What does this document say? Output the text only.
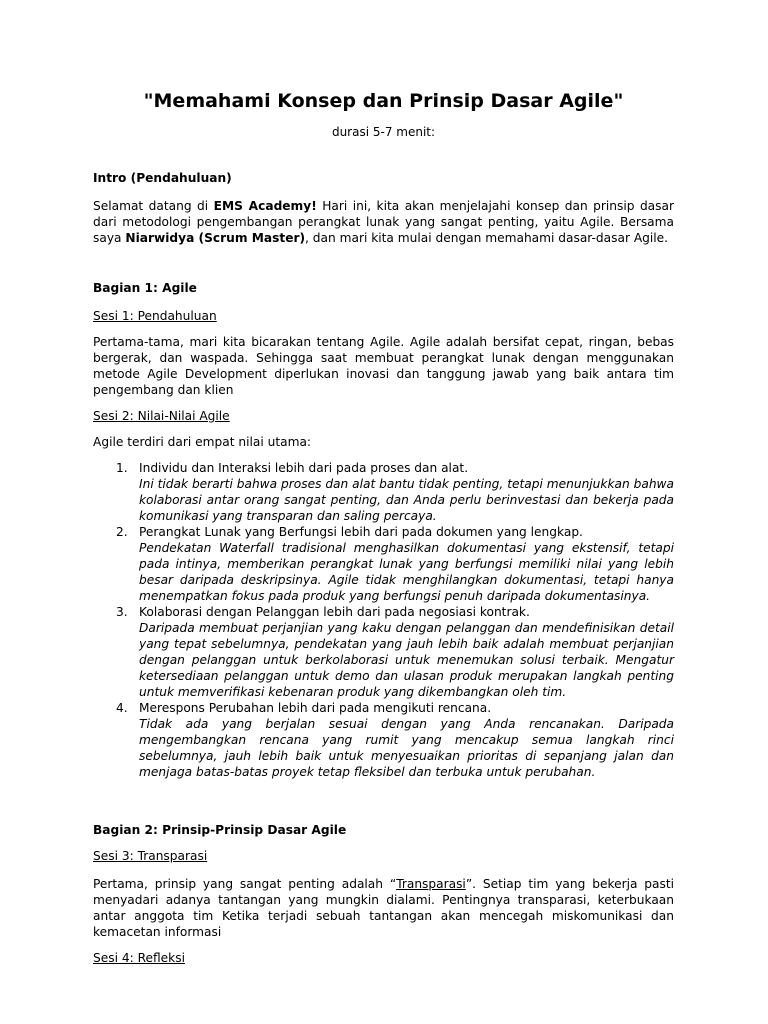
"Memahami Konsep dan Prinsip Dasar Agile"
durasi 5-7 menit:
Intro (Pendahuluan)

Selamat datang di EMS Academy! Hari ini, kita akan menjelajahi konsep dan prinsip dasar dari metodologi pengembangan perangkat lunak yang sangat penting, yaitu Agile. Bersama saya Niarwidya (Scrum Master), dan mari kita mulai dengan memahami dasar-dasar Agile.

Bagian 1: Agile
Sesi 1: Pendahuluan

Pertama-tama, mari kita bicarakan tentang Agile. Agile adalah bersifat cepat, ringan, bebas bergerak, dan waspada. Sehingga saat membuat perangkat lunak dengan menggunakan metode Agile Development diperlukan inovasi dan tanggung jawab yang baik antara tim pengembang dan klien

Sesi 2: Nilai-Nilai Agile

Agile terdiri dari empat nilai utama:

1. Individu dan Interaksi lebih dari pada proses dan alat.
Ini tidak berarti bahwa proses dan alat bantu tidak penting, tetapi menunjukkan bahwa kolaborasi antar orang sangat penting, dan Anda perlu berinvestasi dan bekerja pada komunikasi yang transparan dan saling percaya.
2. Perangkat Lunak yang Berfungsi lebih dari pada dokumen yang lengkap.
Pendekatan Waterfall tradisional menghasilkan dokumentasi yang ekstensif, tetapi pada intinya, memberikan perangkat lunak yang berfungsi memiliki nilai yang lebih besar daripada deskripsinya. Agile tidak menghilangkan dokumentasi, tetapi hanya menempatkan fokus pada produk yang berfungsi penuh daripada dokumentasinya.
3. Kolaborasi dengan Pelanggan lebih dari pada negosiasi kontrak.
Daripada membuat perjanjian yang kaku dengan pelanggan dan mendefinisikan detail yang tepat sebelumnya, pendekatan yang jauh lebih baik adalah membuat perjanjian dengan pelanggan untuk berkolaborasi untuk menemukan solusi terbaik. Mengatur ketersediaan pelanggan untuk demo dan ulasan produk merupakan langkah penting untuk memverifikasi kebenaran produk yang dikembangkan oleh tim.
4. Merespons Perubahan lebih dari pada mengikuti rencana.
Tidak ada yang berjalan sesuai dengan yang Anda rencanakan. Daripada mengembangkan rencana yang rumit yang mencakup semua langkah rinci sebelumnya, jauh lebih baik untuk menyesuaikan prioritas di sepanjang jalan dan menjaga batas-batas proyek tetap fleksibel dan terbuka untuk perubahan.
Bagian 2: Prinsip-Prinsip Dasar Agile
Sesi 3: Transparasi

Pertama, prinsip yang sangat penting adalah “Transparasi”. Setiap tim yang bekerja pasti menyadari adanya tantangan yang mungkin dialami. Pentingnya transparasi, keterbukaan antar anggota tim Ketika terjadi sebuah tantangan akan mencegah miskomunikasi dan kemacetan informasi

Sesi 4: Refleksi
